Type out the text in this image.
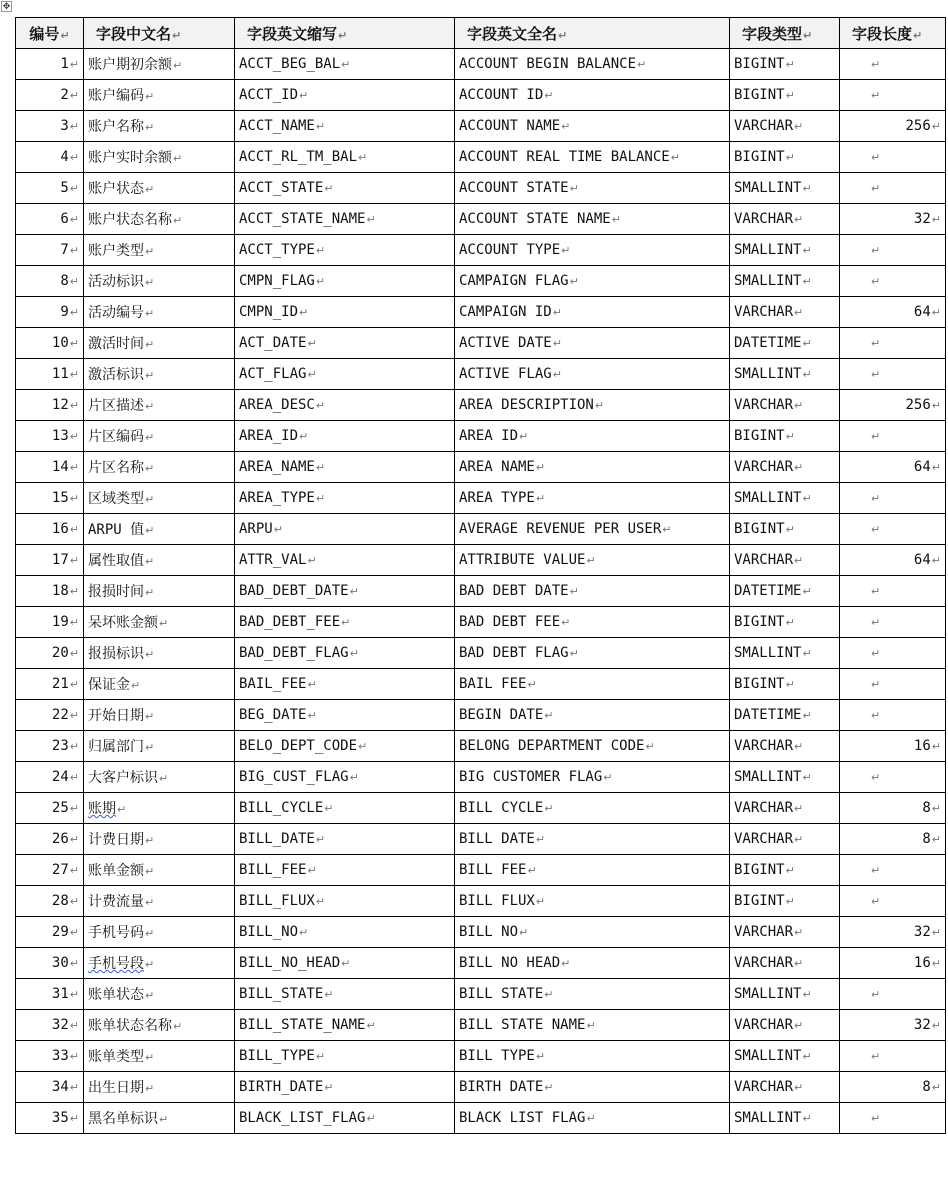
✥
编号↵	字段中文名↵	字段英文缩写↵	字段英文全名↵	字段类型↵	字段长度↵
1↵	账户期初余额↵	ACCT_BEG_BAL↵	ACCOUNT BEGIN BALANCE↵	BIGINT↵	↵
2↵	账户编码↵	ACCT_ID↵	ACCOUNT ID↵	BIGINT↵	↵
3↵	账户名称↵	ACCT_NAME↵	ACCOUNT NAME↵	VARCHAR↵	256↵
4↵	账户实时余额↵	ACCT_RL_TM_BAL↵	ACCOUNT REAL TIME BALANCE↵	BIGINT↵	↵
5↵	账户状态↵	ACCT_STATE↵	ACCOUNT STATE↵	SMALLINT↵	↵
6↵	账户状态名称↵	ACCT_STATE_NAME↵	ACCOUNT STATE NAME↵	VARCHAR↵	32↵
7↵	账户类型↵	ACCT_TYPE↵	ACCOUNT TYPE↵	SMALLINT↵	↵
8↵	活动标识↵	CMPN_FLAG↵	CAMPAIGN FLAG↵	SMALLINT↵	↵
9↵	活动编号↵	CMPN_ID↵	CAMPAIGN ID↵	VARCHAR↵	64↵
10↵	激活时间↵	ACT_DATE↵	ACTIVE DATE↵	DATETIME↵	↵
11↵	激活标识↵	ACT_FLAG↵	ACTIVE FLAG↵	SMALLINT↵	↵
12↵	片区描述↵	AREA_DESC↵	AREA DESCRIPTION↵	VARCHAR↵	256↵
13↵	片区编码↵	AREA_ID↵	AREA ID↵	BIGINT↵	↵
14↵	片区名称↵	AREA_NAME↵	AREA NAME↵	VARCHAR↵	64↵
15↵	区域类型↵	AREA_TYPE↵	AREA TYPE↵	SMALLINT↵	↵
16↵	ARPU 值↵	ARPU↵	AVERAGE REVENUE PER USER↵	BIGINT↵	↵
17↵	属性取值↵	ATTR_VAL↵	ATTRIBUTE VALUE↵	VARCHAR↵	64↵
18↵	报损时间↵	BAD_DEBT_DATE↵	BAD DEBT DATE↵	DATETIME↵	↵
19↵	呆坏账金额↵	BAD_DEBT_FEE↵	BAD DEBT FEE↵	BIGINT↵	↵
20↵	报损标识↵	BAD_DEBT_FLAG↵	BAD DEBT FLAG↵	SMALLINT↵	↵
21↵	保证金↵	BAIL_FEE↵	BAIL FEE↵	BIGINT↵	↵
22↵	开始日期↵	BEG_DATE↵	BEGIN DATE↵	DATETIME↵	↵
23↵	归属部门↵	BELO_DEPT_CODE↵	BELONG DEPARTMENT CODE↵	VARCHAR↵	16↵
24↵	大客户标识↵	BIG_CUST_FLAG↵	BIG CUSTOMER FLAG↵	SMALLINT↵	↵
25↵	账期↵	BILL_CYCLE↵	BILL CYCLE↵	VARCHAR↵	8↵
26↵	计费日期↵	BILL_DATE↵	BILL DATE↵	VARCHAR↵	8↵
27↵	账单金额↵	BILL_FEE↵	BILL FEE↵	BIGINT↵	↵
28↵	计费流量↵	BILL_FLUX↵	BILL FLUX↵	BIGINT↵	↵
29↵	手机号码↵	BILL_NO↵	BILL NO↵	VARCHAR↵	32↵
30↵	手机号段↵	BILL_NO_HEAD↵	BILL NO HEAD↵	VARCHAR↵	16↵
31↵	账单状态↵	BILL_STATE↵	BILL STATE↵	SMALLINT↵	↵
32↵	账单状态名称↵	BILL_STATE_NAME↵	BILL STATE NAME↵	VARCHAR↵	32↵
33↵	账单类型↵	BILL_TYPE↵	BILL TYPE↵	SMALLINT↵	↵
34↵	出生日期↵	BIRTH_DATE↵	BIRTH DATE↵	VARCHAR↵	8↵
35↵	黑名单标识↵	BLACK_LIST_FLAG↵	BLACK LIST FLAG↵	SMALLINT↵	↵
